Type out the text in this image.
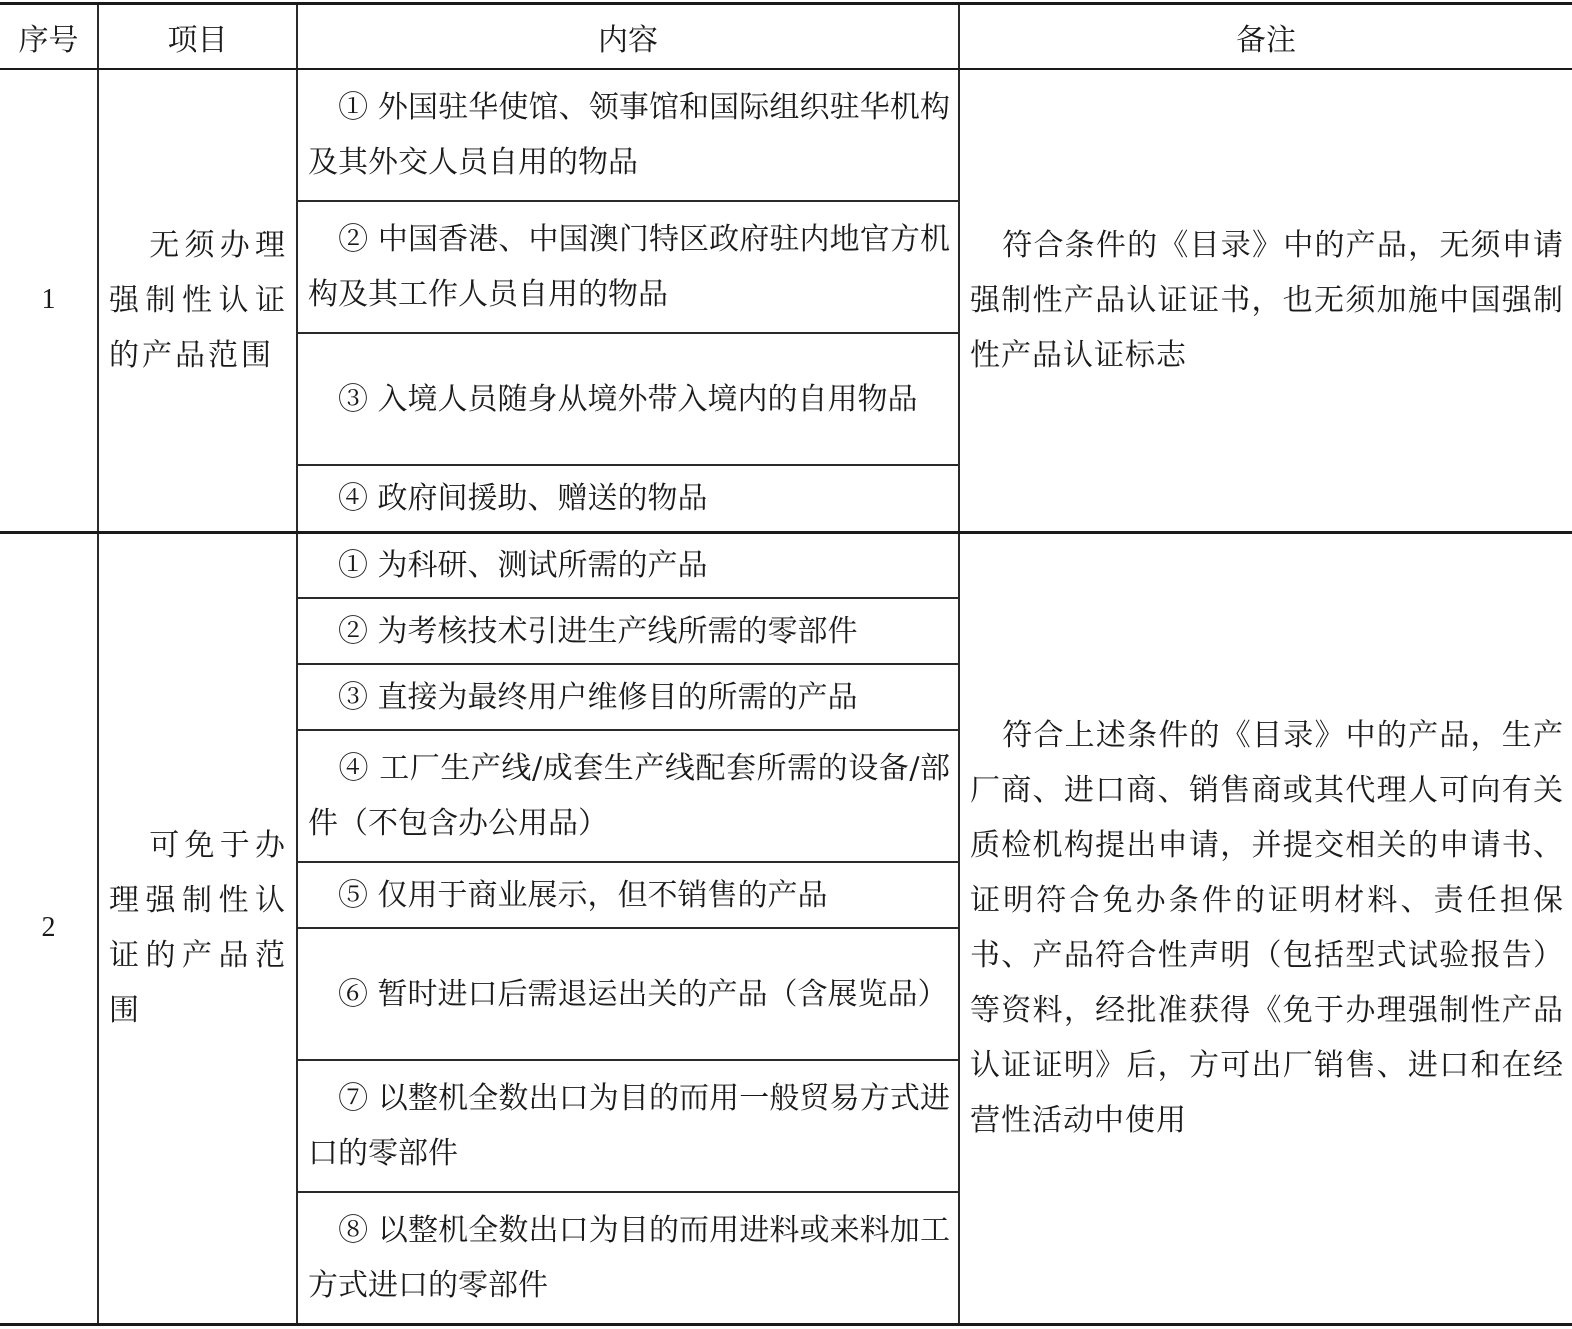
序号	项目	内容	备注
1	无须办理强制性认证的产品范围	① 外国驻华使馆、领事馆和国际组织驻华机构及其外交人员自用的物品	符合条件的《目录》中的产品，无须申请强制性产品认证证书，也无须加施中国强制性产品认证标志
		② 中国香港、中国澳门特区政府驻内地官方机构及其工作人员自用的物品	
		③ 入境人员随身从境外带入境内的自用物品	
		④ 政府间援助、赠送的物品	
2	可免于办理强制性认证的产品范围	① 为科研、测试所需的产品	符合上述条件的《目录》中的产品，生产厂商、进口商、销售商或其代理人可向有关质检机构提出申请，并提交相关的申请书、证明符合免办条件的证明材料、责任担保书、产品符合性声明（包括型式试验报告）等资料，经批准获得《免于办理强制性产品认证证明》后，方可出厂销售、进口和在经营性活动中使用
		② 为考核技术引进生产线所需的零部件	
		③ 直接为最终用户维修目的所需的产品	
		④ 工厂生产线/成套生产线配套所需的设备/部件（不包含办公用品）	
		⑤ 仅用于商业展示，但不销售的产品	
		⑥ 暂时进口后需退运出关的产品（含展览品）	
		⑦ 以整机全数出口为目的而用一般贸易方式进口的零部件	
		⑧ 以整机全数出口为目的而用进料或来料加工方式进口的零部件	
